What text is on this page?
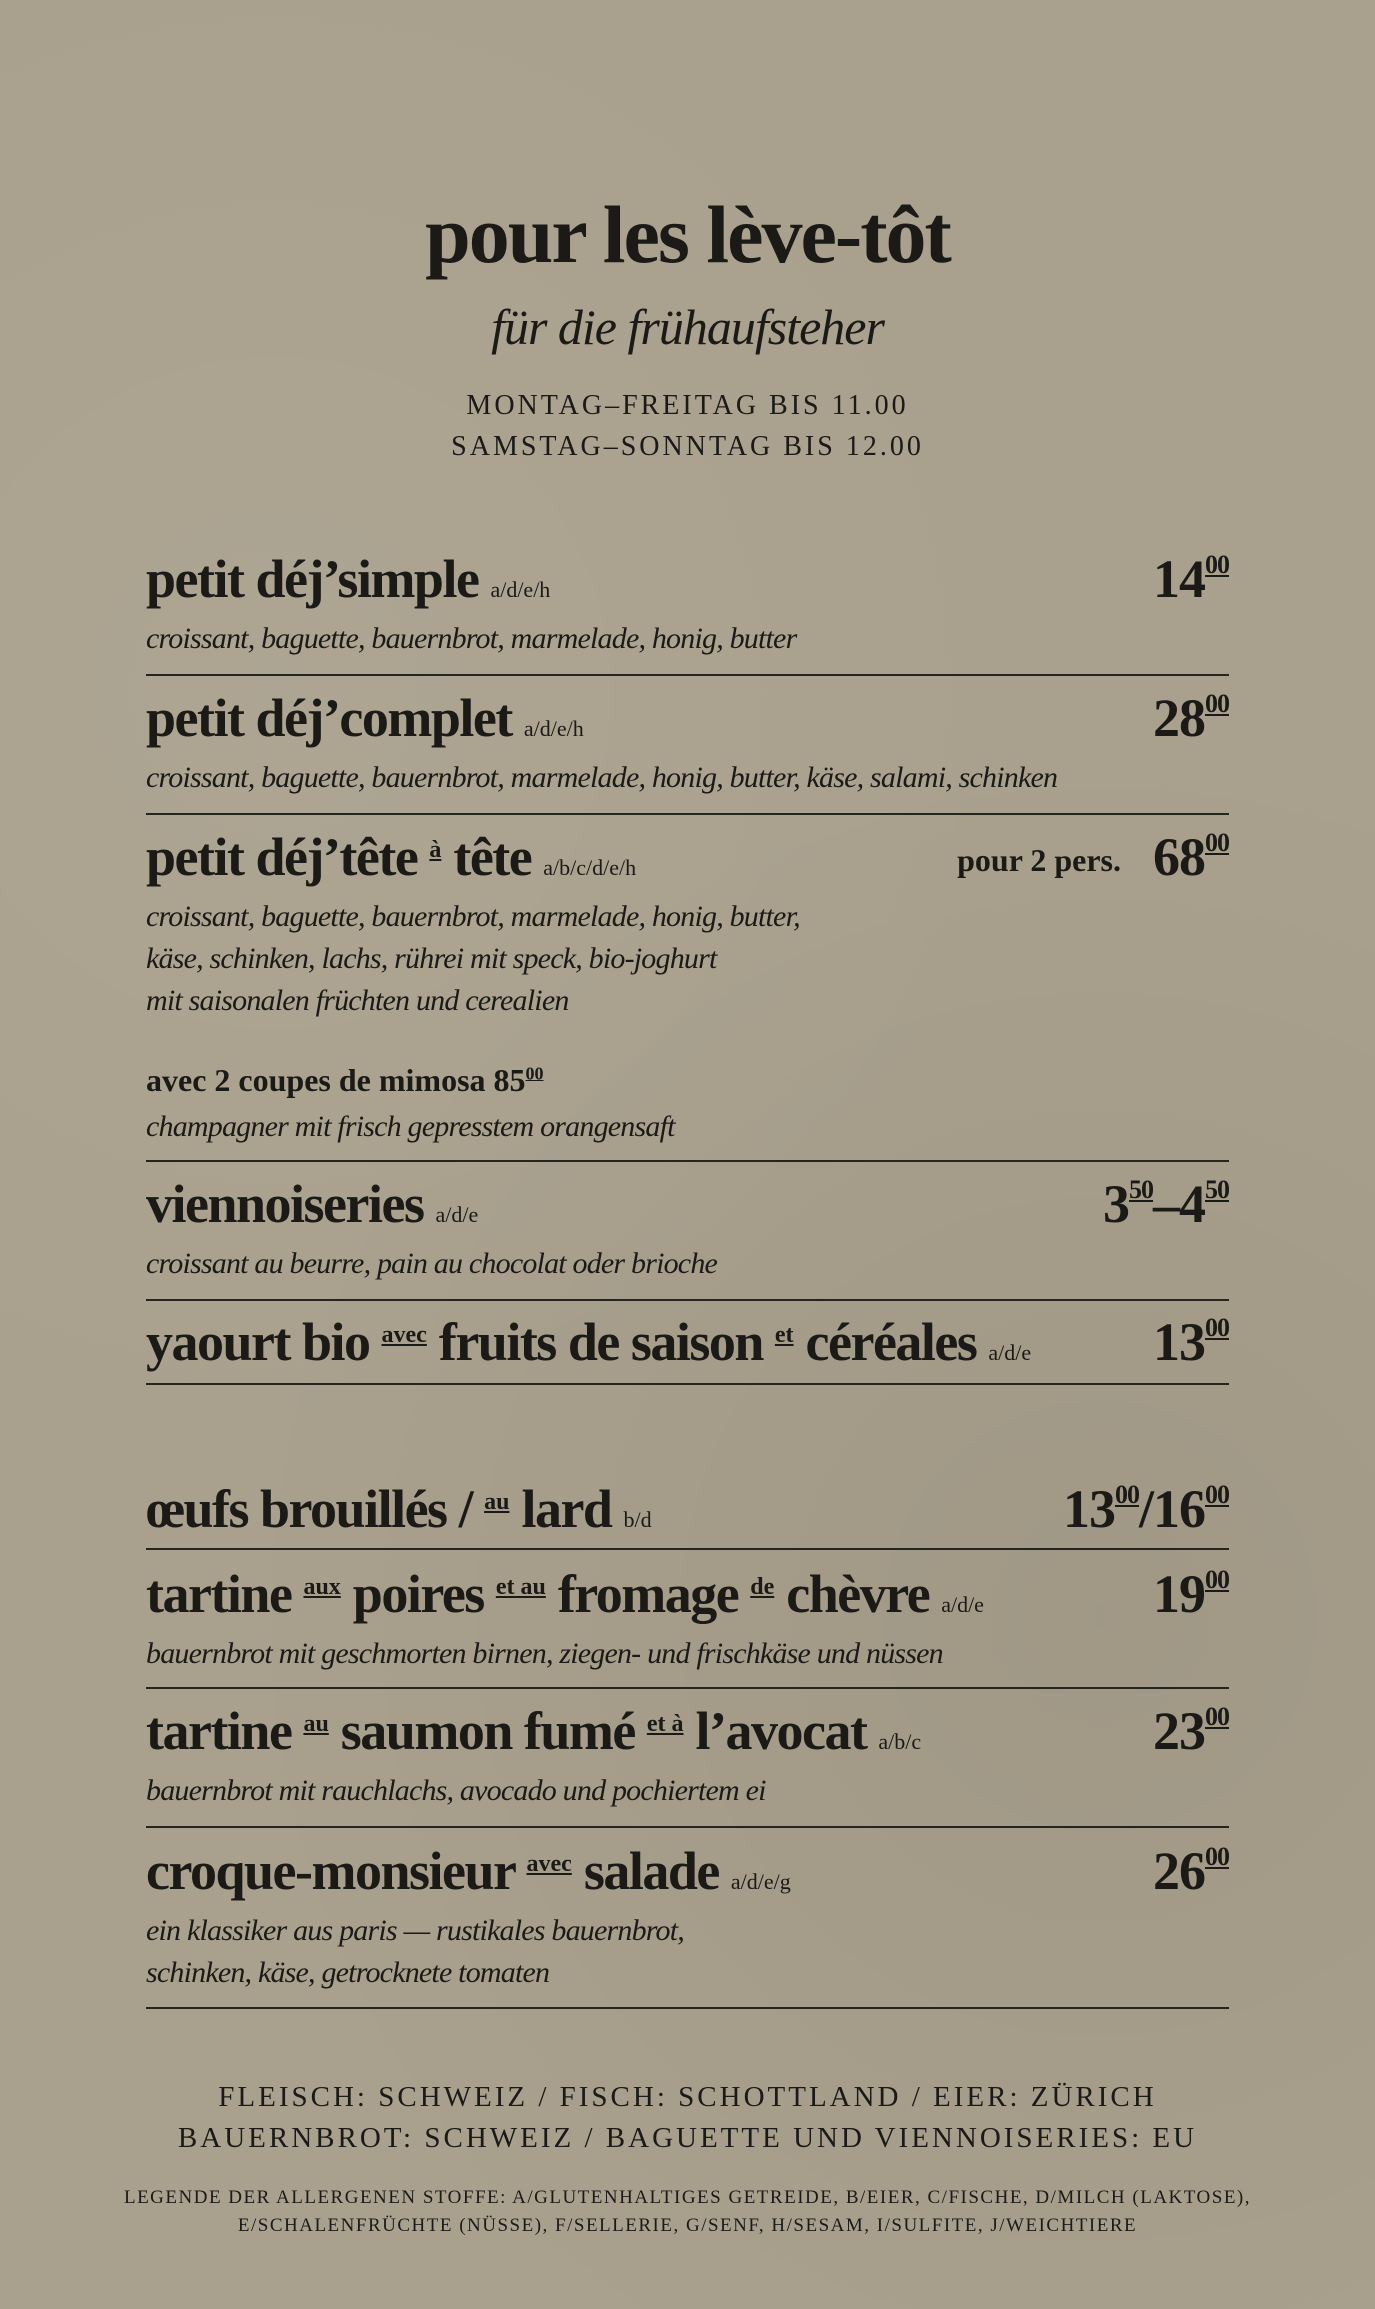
pour les lève-tôt
für die frühaufsteher
MONTAG–FREITAG BIS 11.00
SAMSTAG–SONNTAG BIS 12.00
petit déj’simple a/d/e/h	$14^{00}$
croissant, baguette, bauernbrot, marmelade, honig, butter
petit déj’complet a/d/e/h	$28^{00}$
croissant, baguette, bauernbrot, marmelade, honig, butter, käse, salami, schinken
petit déj’tête $^à$ tête a/b/c/d/e/h	pour 2 pers. $68^{00}$
croissant, baguette, bauernbrot, marmelade, honig, butter,
käse, schinken, lachs, rührei mit speck, bio-joghurt
mit saisonalen früchten und cerealien
avec 2 coupes de mimosa $85^{00}$
champagner mit frisch gepresstem orangensaft
viennoiseries a/d/e	$3^{50}-4^{50}$
croissant au beurre, pain au chocolat oder brioche
yaourt bio $^{avec}$ fruits de saison $^{et}$ céréales a/d/e $13^{00}$
œufs brouillés / $^{au}$ lard b/d	$13^{00}/16^{00}$
tartine $^{aux}$ poires $^{et au}$ fromage $^{de}$ chèvre a/d/e	$19^{00}$
bauernbrot mit geschmorten birnen, ziegen- und frischkäse und nüssen
tartine $^{au}$ saumon fumé $^{et à}$ l’avocat a/b/c	$23^{00}$
bauernbrot mit rauchlachs, avocado und pochiertem ei
croque-monsieur $^{avec}$ salade a/d/e/g	$26^{00}$
ein klassiker aus paris — rustikales bauernbrot,
schinken, käse, getrocknete tomaten
FLEISCH: SCHWEIZ / FISCH: SCHOTTLAND / EIER: ZÜRICH
BAUERNBROT: SCHWEIZ / BAGUETTE UND VIENNOISERIES: EU
LEGENDE DER ALLERGENEN STOFFE: A/GLUTENHALTIGES GETREIDE, B/EIER, C/FISCHE, D/MILCH (LAKTOSE),
E/SCHALENFRÜCHTE (NÜSSE), F/SELLERIE, G/SENF, H/SESAM, I/SULFITE, J/WEICHTIERE
